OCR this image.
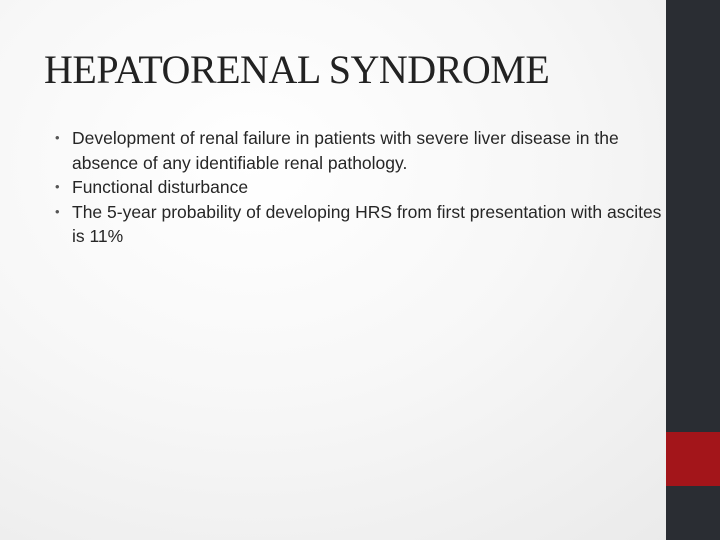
HEPATORENAL SYNDROME
• Development of renal failure in patients with severe liver disease in the absence of any identifiable renal pathology.
• Functional disturbance
• The 5-year probability of developing HRS from first presentation with ascites is 11%
